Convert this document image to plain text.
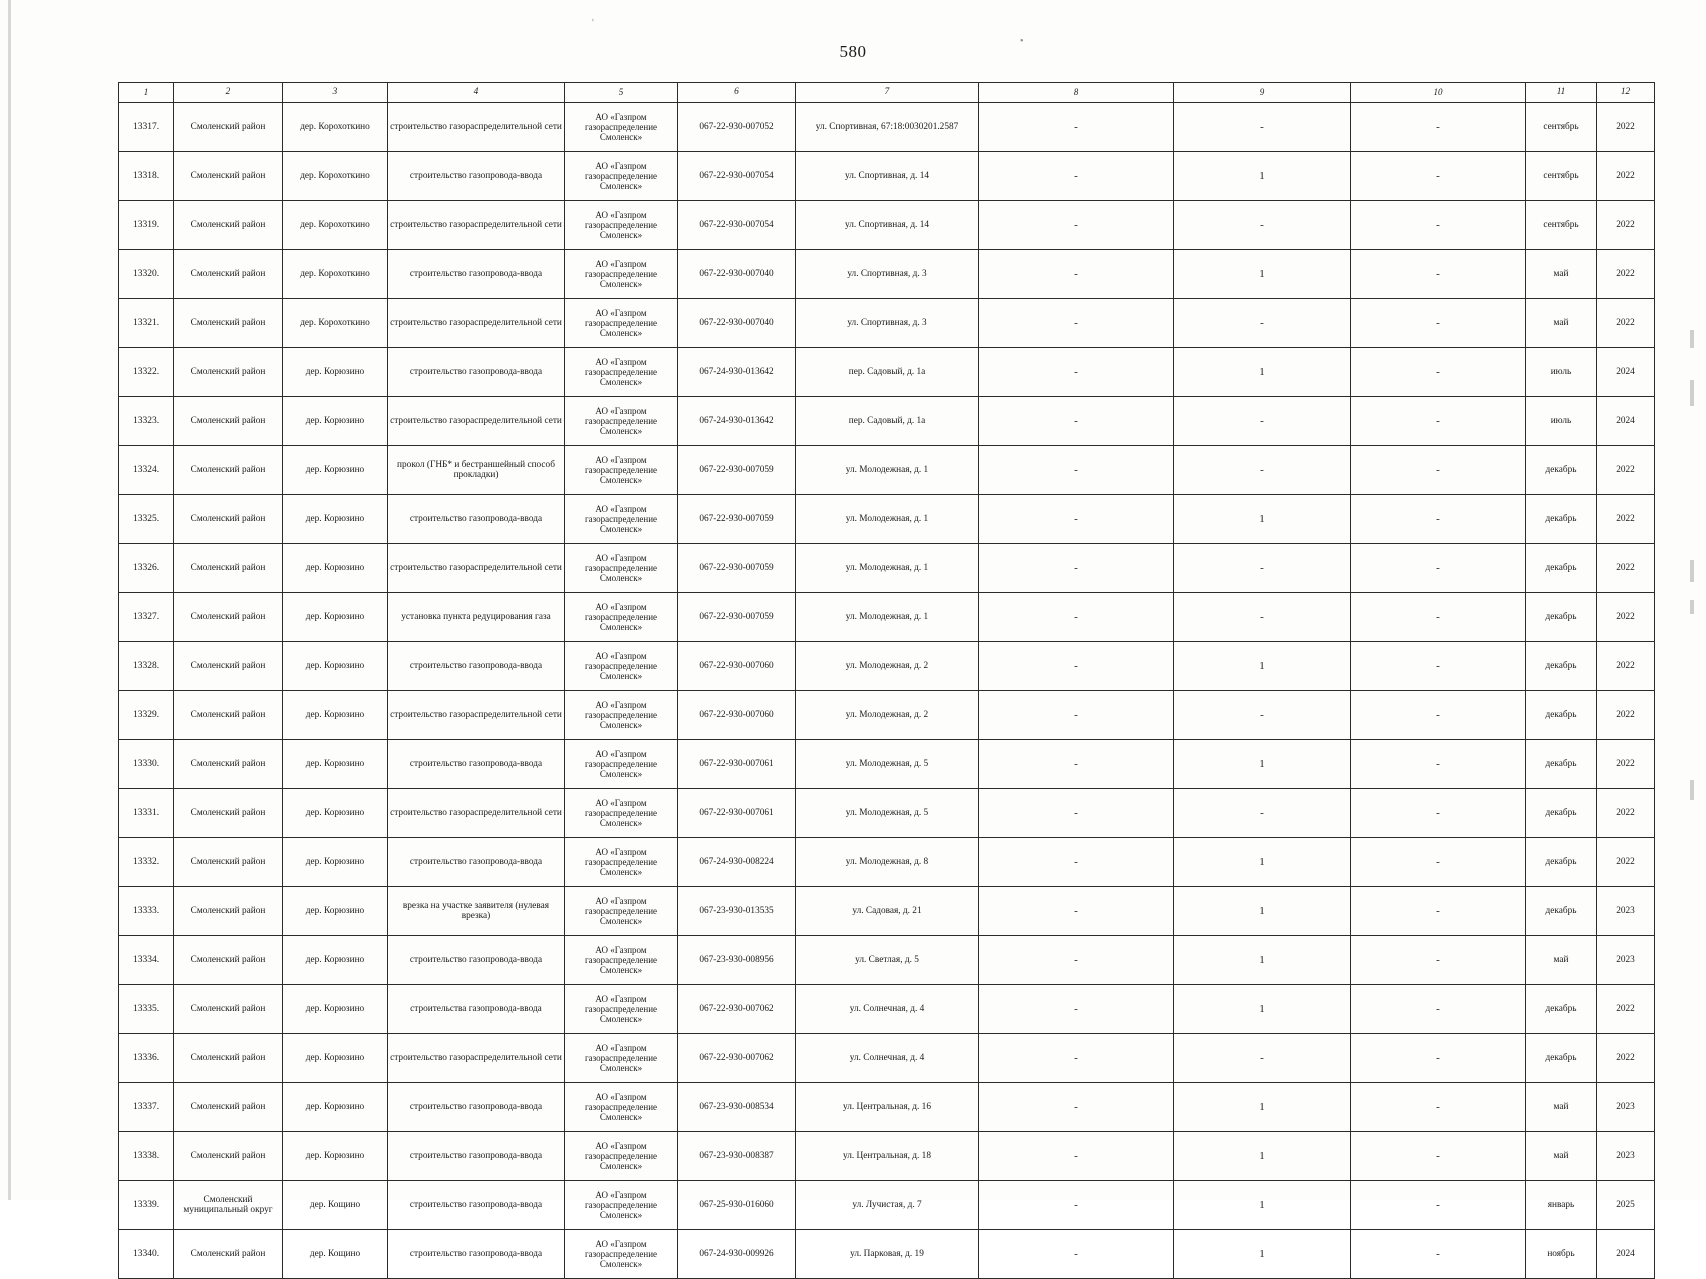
'
•
580
1	2	3	4	5	6	7	8	9	10	11	12
13317.	Смоленский район	дер. Корохоткино	строительство газораспределительной сети	АО «Газпром газораспределение Смоленск»	067-22-930-007052	ул. Спортивная, 67:18:0030201.2587	-	-	-	сентябрь	2022
13318.	Смоленский район	дер. Корохоткино	строительство газопровода-ввода	АО «Газпром газораспределение Смоленск»	067-22-930-007054	ул. Спортивная, д. 14	-	1	-	сентябрь	2022
13319.	Смоленский район	дер. Корохоткино	строительство газораспределительной сети	АО «Газпром газораспределение Смоленск»	067-22-930-007054	ул. Спортивная, д. 14	-	-	-	сентябрь	2022
13320.	Смоленский район	дер. Корохоткино	строительство газопровода-ввода	АО «Газпром газораспределение Смоленск»	067-22-930-007040	ул. Спортивная, д. 3	-	1	-	май	2022
13321.	Смоленский район	дер. Корохоткино	строительство газораспределительной сети	АО «Газпром газораспределение Смоленск»	067-22-930-007040	ул. Спортивная, д. 3	-	-	-	май	2022
13322.	Смоленский район	дер. Корюзино	строительство газопровода-ввода	АО «Газпром газораспределение Смоленск»	067-24-930-013642	пер. Садовый, д. 1а	-	1	-	июль	2024
13323.	Смоленский район	дер. Корюзино	строительство газораспределительной сети	АО «Газпром газораспределение Смоленск»	067-24-930-013642	пер. Садовый, д. 1а	-	-	-	июль	2024
13324.	Смоленский район	дер. Корюзино	прокол (ГНБ* и бестраншейный способ прокладки)	АО «Газпром газораспределение Смоленск»	067-22-930-007059	ул. Молодежная, д. 1	-	-	-	декабрь	2022
13325.	Смоленский район	дер. Корюзино	строительство газопровода-ввода	АО «Газпром газораспределение Смоленск»	067-22-930-007059	ул. Молодежная, д. 1	-	1	-	декабрь	2022
13326.	Смоленский район	дер. Корюзино	строительство газораспределительной сети	АО «Газпром газораспределение Смоленск»	067-22-930-007059	ул. Молодежная, д. 1	-	-	-	декабрь	2022
13327.	Смоленский район	дер. Корюзино	установка пункта редуцирования газа	АО «Газпром газораспределение Смоленск»	067-22-930-007059	ул. Молодежная, д. 1	-	-	-	декабрь	2022
13328.	Смоленский район	дер. Корюзино	строительство газопровода-ввода	АО «Газпром газораспределение Смоленск»	067-22-930-007060	ул. Молодежная, д. 2	-	1	-	декабрь	2022
13329.	Смоленский район	дер. Корюзино	строительство газораспределительной сети	АО «Газпром газораспределение Смоленск»	067-22-930-007060	ул. Молодежная, д. 2	-	-	-	декабрь	2022
13330.	Смоленский район	дер. Корюзино	строительство газопровода-ввода	АО «Газпром газораспределение Смоленск»	067-22-930-007061	ул. Молодежная, д. 5	-	1	-	декабрь	2022
13331.	Смоленский район	дер. Корюзино	строительство газораспределительной сети	АО «Газпром газораспределение Смоленск»	067-22-930-007061	ул. Молодежная, д. 5	-	-	-	декабрь	2022
13332.	Смоленский район	дер. Корюзино	строительство газопровода-ввода	АО «Газпром газораспределение Смоленск»	067-24-930-008224	ул. Молодежная, д. 8	-	1	-	декабрь	2022
13333.	Смоленский район	дер. Корюзино	врезка на участке заявителя (нулевая врезка)	АО «Газпром газораспределение Смоленск»	067-23-930-013535	ул. Садовая, д. 21	-	1	-	декабрь	2023
13334.	Смоленский район	дер. Корюзино	строительство газопровода-ввода	АО «Газпром газораспределение Смоленск»	067-23-930-008956	ул. Светлая, д. 5	-	1	-	май	2023
13335.	Смоленский район	дер. Корюзино	строительства газопровода-ввода	АО «Газпром газораспределение Смоленск»	067-22-930-007062	ул. Солнечная, д. 4	-	1	-	декабрь	2022
13336.	Смоленский район	дер. Корюзино	строительство газораспределительной сети	АО «Газпром газораспределение Смоленск»	067-22-930-007062	ул. Солнечная, д. 4	-	-	-	декабрь	2022
13337.	Смоленский район	дер. Корюзино	строительство газопровода-ввода	АО «Газпром газораспределение Смоленск»	067-23-930-008534	ул. Центральная, д. 16	-	1	-	май	2023
13338.	Смоленский район	дер. Корюзино	строительство газопровода-ввода	АО «Газпром газораспределение Смоленск»	067-23-930-008387	ул. Центральная, д. 18	-	1	-	май	2023
13339.	Смоленский муниципальный округ	дер. Кощино	строительство газопровода-ввода	АО «Газпром газораспределение Смоленск»	067-25-930-016060	ул. Лучистая, д. 7	-	1	-	январь	2025
13340.	Смоленский район	дер. Кощино	строительство газопровода-ввода	АО «Газпром газораспределение Смоленск»	067-24-930-009926	ул. Парковая, д. 19	-	1	-	ноябрь	2024
